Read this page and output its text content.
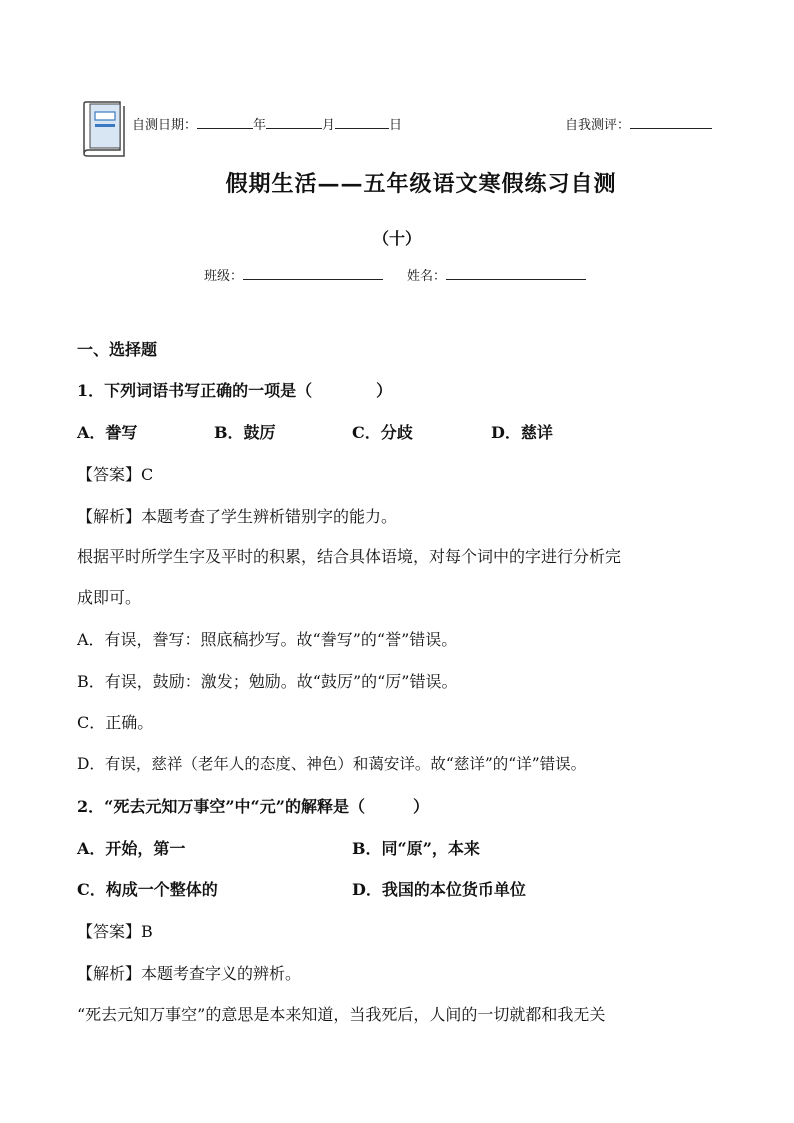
自测日期：	年	月	日	自我测评：
假期生活——五年级语文寒假练习自测
（十）
班级：	姓名：
一、选择题
1．下列词语书写正确的一项是（　　　　）
A．誊写	B．鼓厉	C．分歧	D．慈详
【答案】C
【解析】本题考查了学生辨析错别字的能力。
根据平时所学生字及平时的积累，结合具体语境，对每个词中的字进行分析完
成即可。
A．有误，誊写：照底稿抄写。故“誊写”的“誉”错误。
B．有误，鼓励：激发；勉励。故“鼓厉”的“厉”错误。
C．正确。
D．有误，慈祥（老年人的态度、神色）和蔼安详。故“慈详”的“详”错误。
2．“死去元知万事空”中“元”的解释是（　　　）
A．开始，第一	B．同“原”，本来
C．构成一个整体的	D．我国的本位货币单位
【答案】B
【解析】本题考查字义的辨析。
“死去元知万事空”的意思是本来知道，当我死后，人间的一切就都和我无关
